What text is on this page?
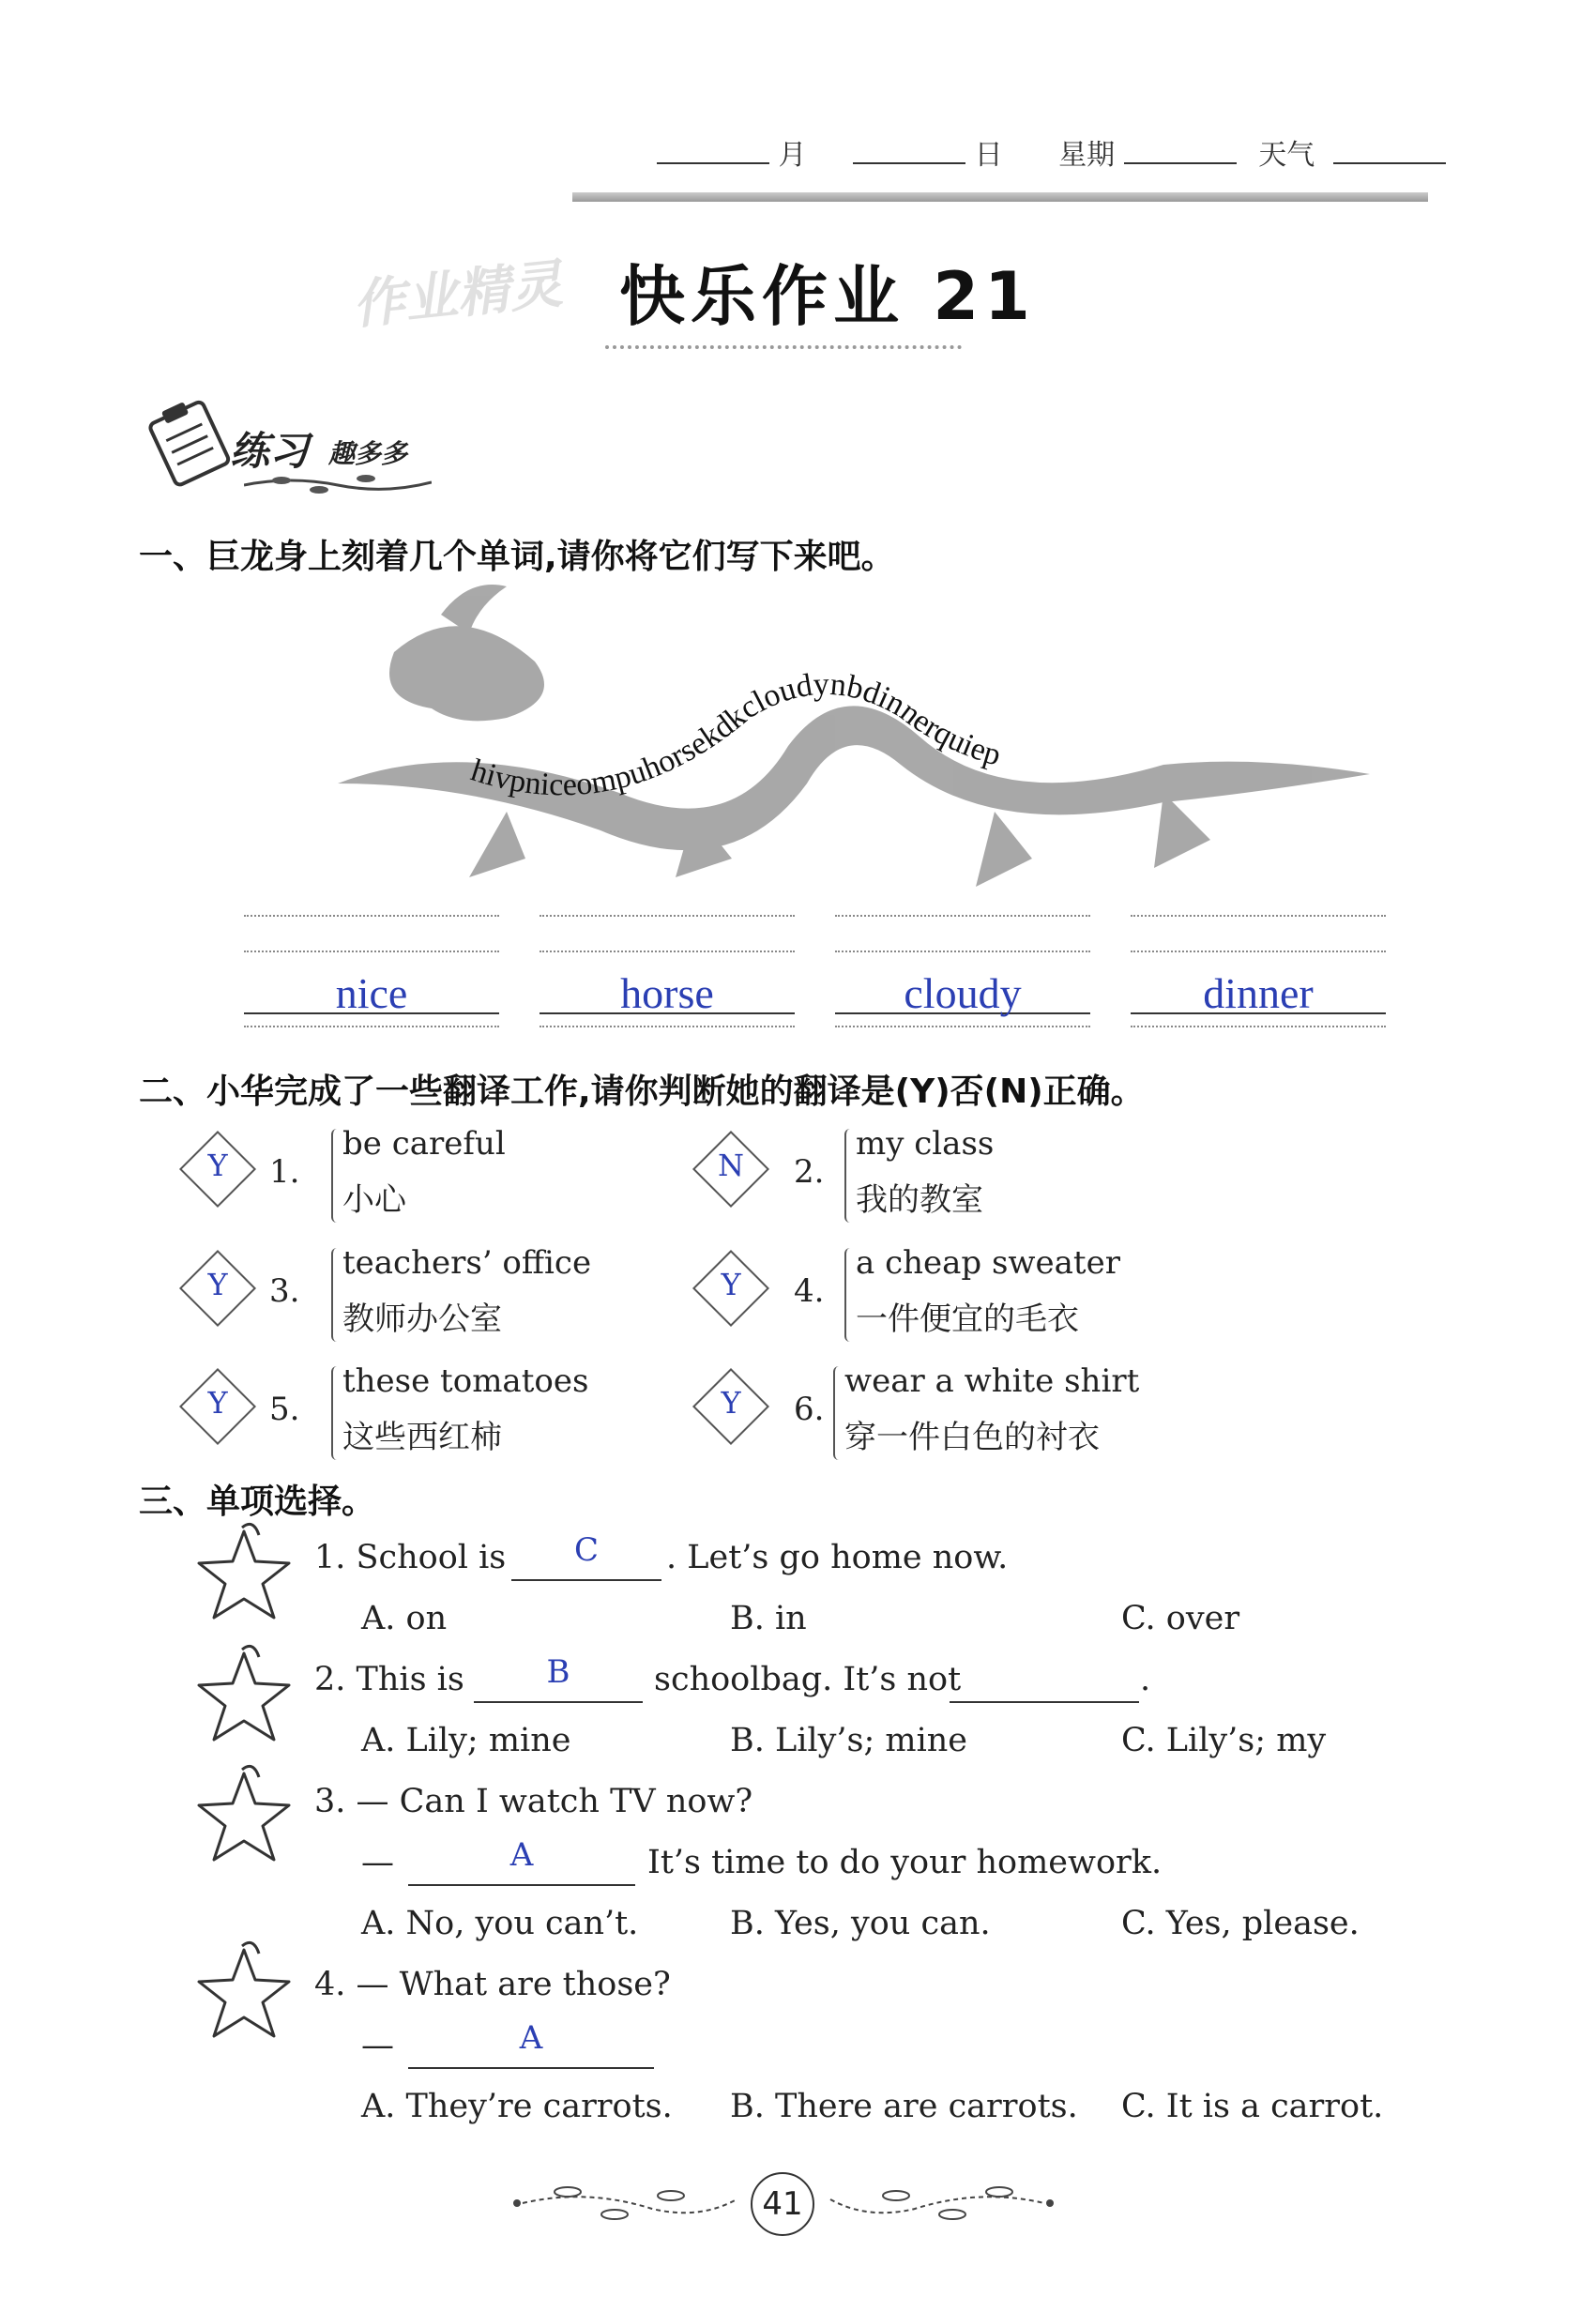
月	日 星期	天气
作业精灵 快乐作业 21
练习 趣多多
一、巨龙身上刻着几个单词,请你将它们写下来吧。
hivpniceompuhorsekdkcloudynbdinnerquiep
nice	horse	cloudy	dinner
二、小华完成了一些翻译工作,请你判断她的翻译是(Y)否(N)正确。
Y	1.
be careful
小心
N	2.
my class
我的教室
Y	3.
teachers’ office
教师办公室
Y	4.
a cheap sweater
一件便宜的毛衣
Y	5.
these tomatoes
这些西红柿
Y	6.
wear a white shirt
穿一件白色的衬衣
三、单项选择。
1. School is	C	. Let’s go home now.
A. on	B. in	C. over
2. This is	B	schoolbag. It’s not	.
A. Lily; mine	B. Lily’s; mine	C. Lily’s; my
3. — Can I watch TV now?
—	A	It’s time to do your homework.
A. No, you can’t.	B. Yes, you can.	C. Yes, please.
4. — What are those?
—	A
A. They’re carrots. B. There are carrots. C. It is a carrot.
41
